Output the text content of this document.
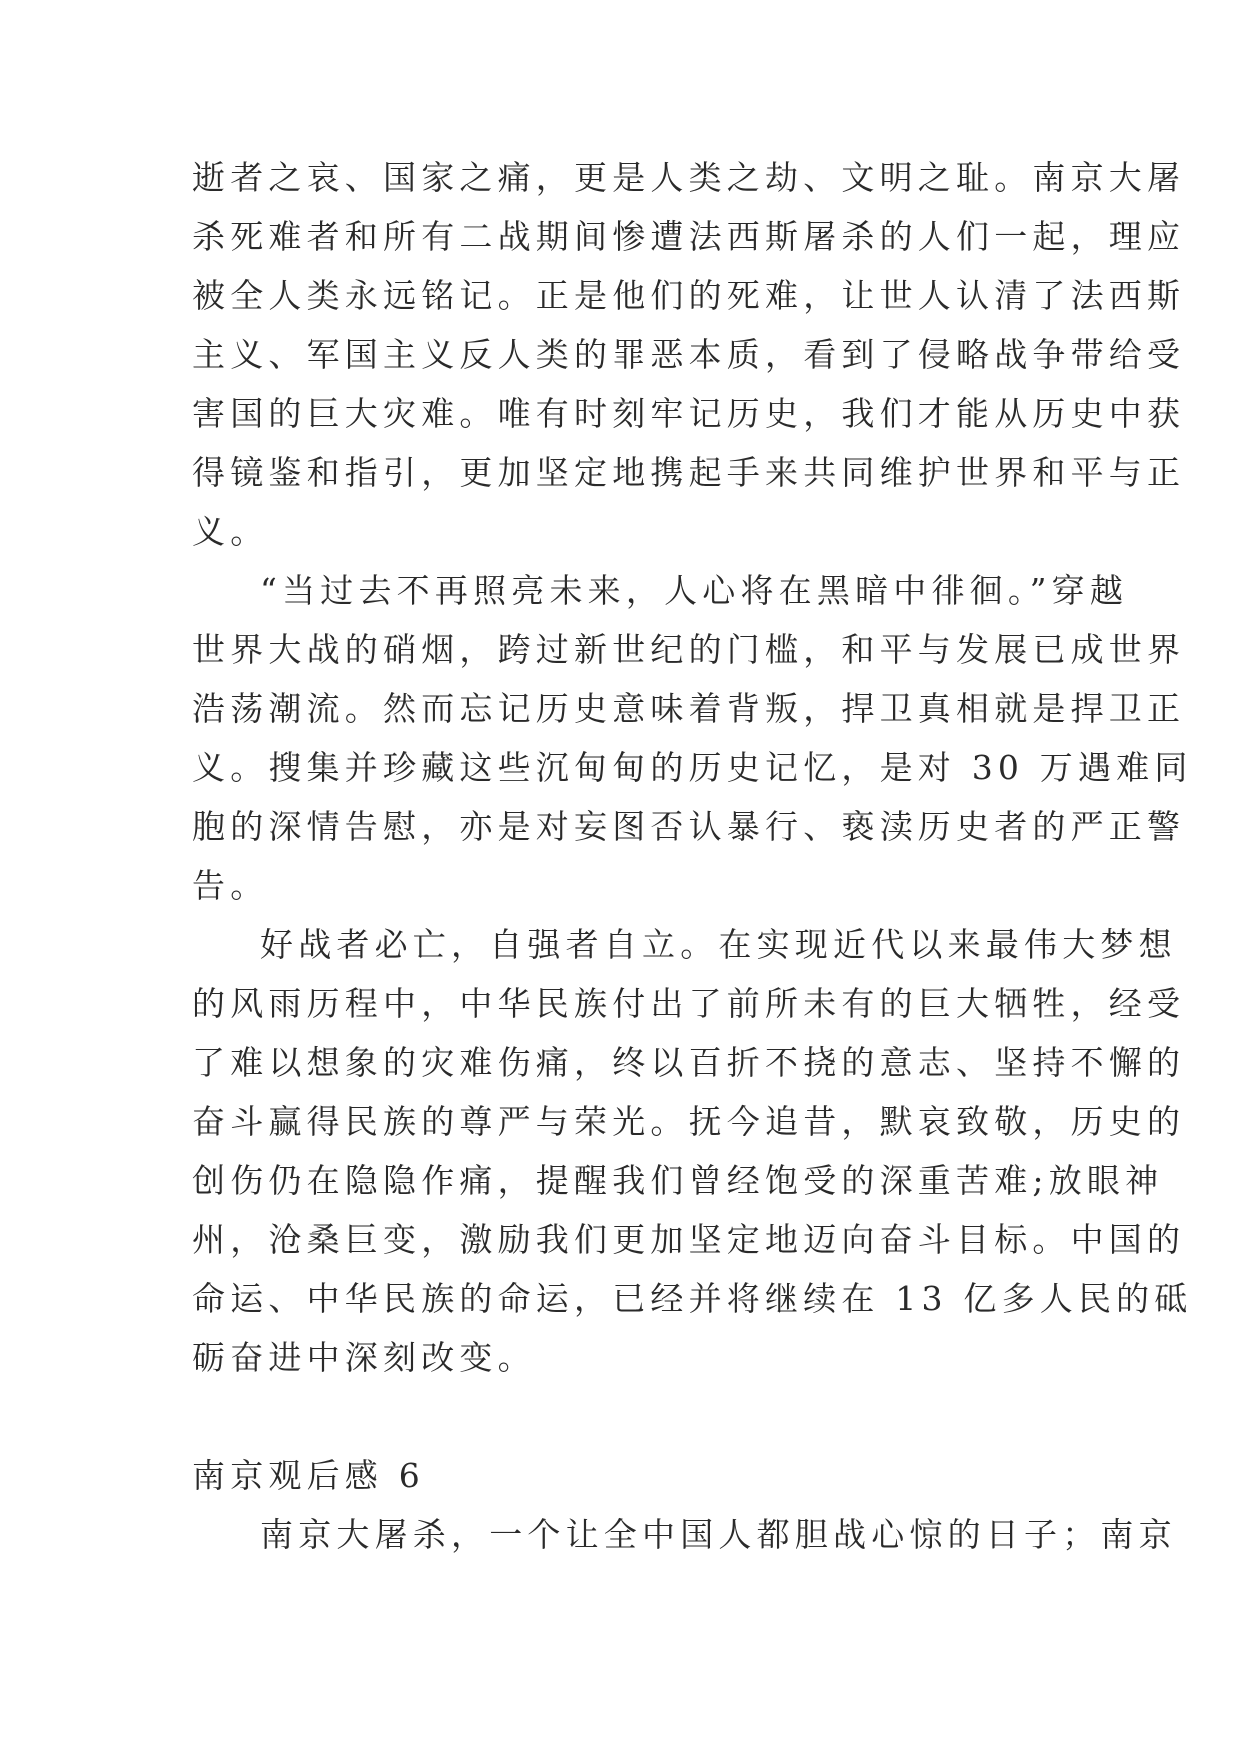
逝者之哀、国家之痛，更是人类之劫、文明之耻。南京大屠
杀死难者和所有二战期间惨遭法西斯屠杀的人们一起，理应
被全人类永远铭记。正是他们的死难，让世人认清了法西斯
主义、军国主义反人类的罪恶本质，看到了侵略战争带给受
害国的巨大灾难。唯有时刻牢记历史，我们才能从历史中获
得镜鉴和指引，更加坚定地携起手来共同维护世界和平与正
义。
“当过去不再照亮未来，人心将在黑暗中徘徊。”穿越
世界大战的硝烟，跨过新世纪的门槛，和平与发展已成世界
浩荡潮流。然而忘记历史意味着背叛，捍卫真相就是捍卫正
义。搜集并珍藏这些沉甸甸的历史记忆，是对 30 万遇难同
胞的深情告慰，亦是对妄图否认暴行、亵渎历史者的严正警
告。
好战者必亡，自强者自立。在实现近代以来最伟大梦想
的风雨历程中，中华民族付出了前所未有的巨大牺牲，经受
了难以想象的灾难伤痛，终以百折不挠的意志、坚持不懈的
奋斗赢得民族的尊严与荣光。抚今追昔，默哀致敬，历史的
创伤仍在隐隐作痛，提醒我们曾经饱受的深重苦难;放眼神
州，沧桑巨变，激励我们更加坚定地迈向奋斗目标。中国的
命运、中华民族的命运，已经并将继续在 13 亿多人民的砥
砺奋进中深刻改变。
南京观后感 6
南京大屠杀，一个让全中国人都胆战心惊的日子；南京
